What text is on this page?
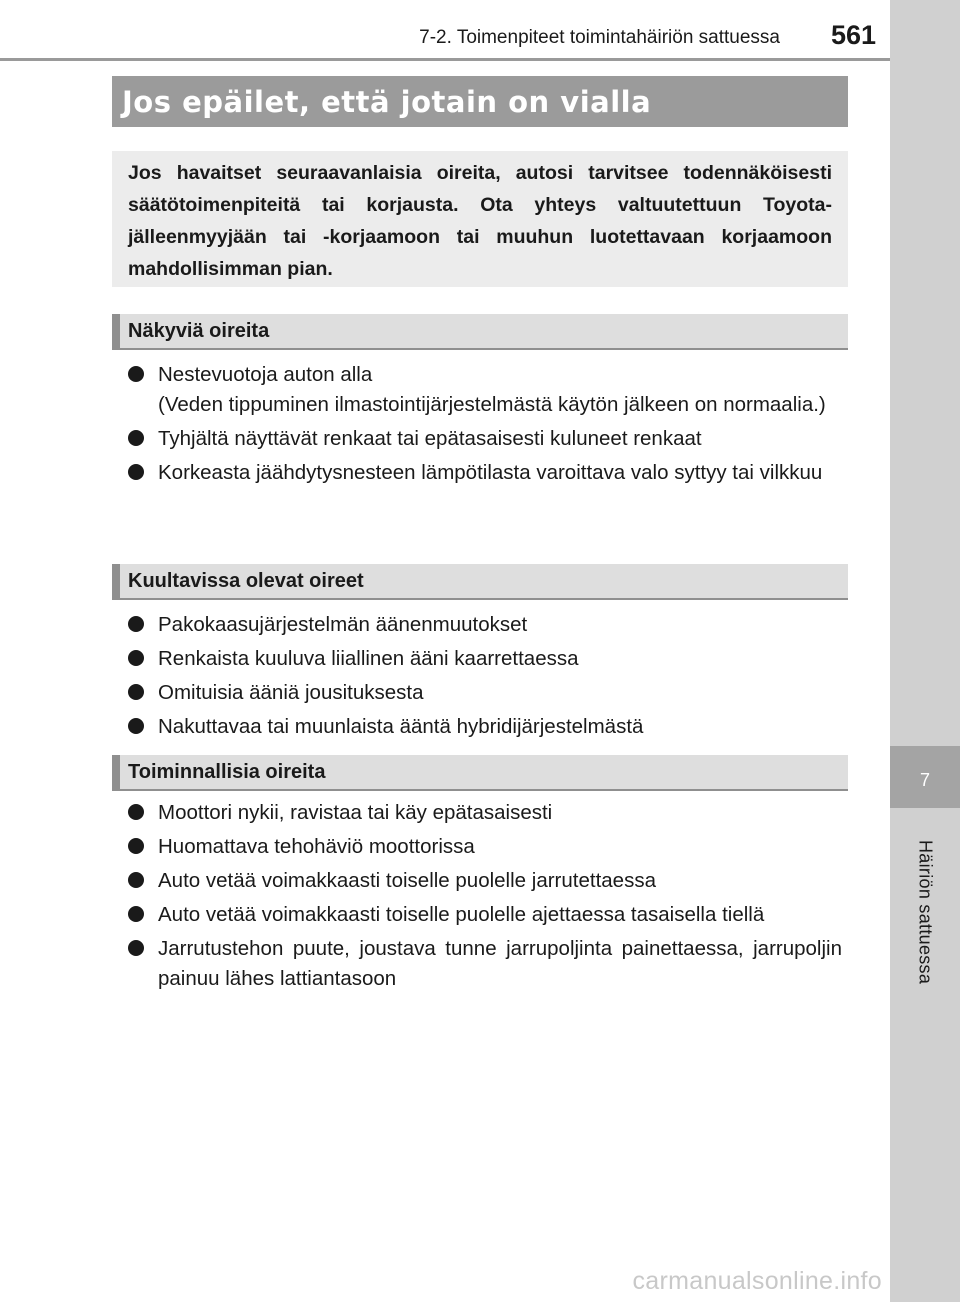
7-2. Toimenpiteet toimintahäiriön sattuessa 561
7
Häiriön sattuessa
Jos epäilet, että jotain on vialla
Jos havaitset seuraavanlaisia oireita, autosi tarvitsee todennäköisesti säätötoimenpiteitä tai korjausta. Ota yhteys valtuutettuun Toyota-jälleenmyyjään tai -korjaamoon tai muuhun luotettavaan korjaamoon mahdollisimman pian.
Näkyviä oireita
Nestevuotoja auton alla
(Veden tippuminen ilmastointijärjestelmästä käytön jälkeen on normaalia.)
Tyhjältä näyttävät renkaat tai epätasaisesti kuluneet renkaat
Korkeasta jäähdytysnesteen lämpötilasta varoittava valo syttyy tai vilkkuu
Kuultavissa olevat oireet
Pakokaasujärjestelmän äänenmuutokset
Renkaista kuuluva liiallinen ääni kaarrettaessa
Omituisia ääniä jousituksesta
Nakuttavaa tai muunlaista ääntä hybridijärjestelmästä
Toiminnallisia oireita
Moottori nykii, ravistaa tai käy epätasaisesti
Huomattava tehohäviö moottorissa
Auto vetää voimakkaasti toiselle puolelle jarrutettaessa
Auto vetää voimakkaasti toiselle puolelle ajettaessa tasaisella tiellä
Jarrutustehon puute, joustava tunne jarrupoljinta painettaessa, jarrupoljin painuu lähes lattiantasoon
carmanualsonline.info
